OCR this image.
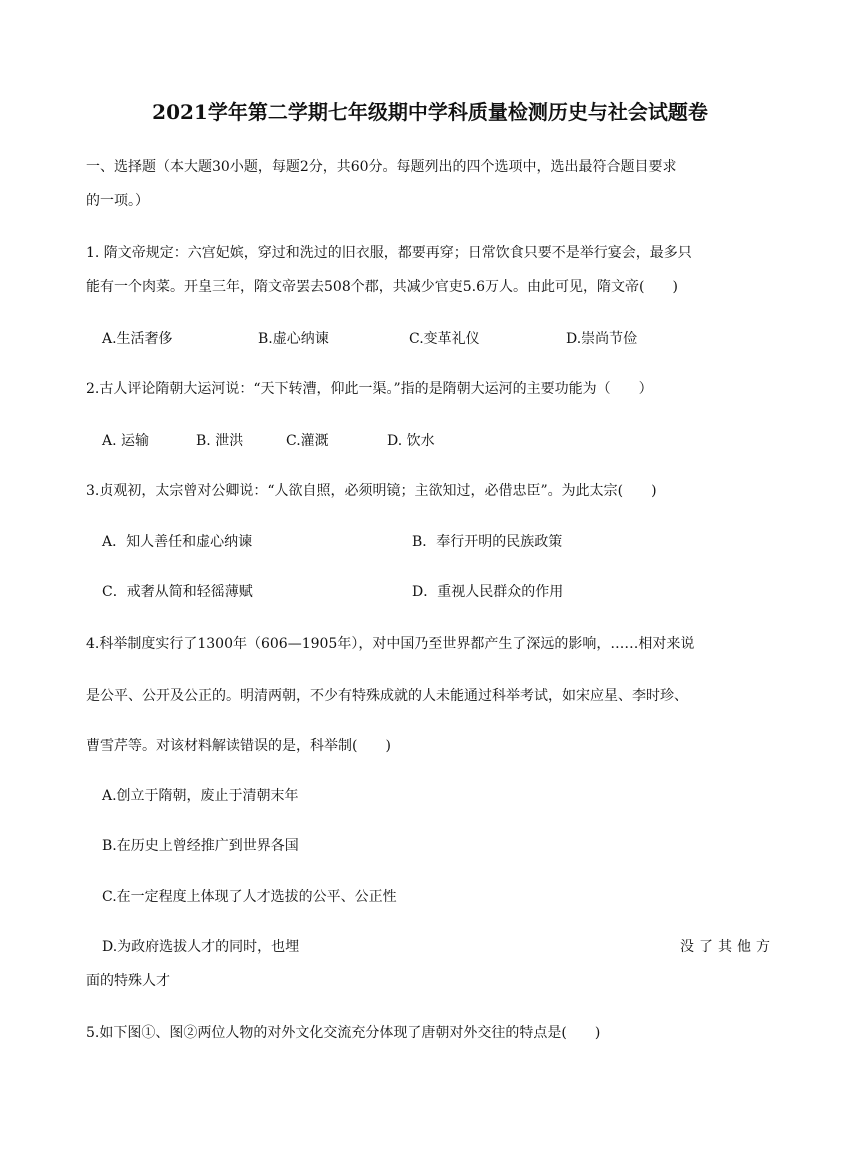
2021学年第二学期七年级期中学科质量检测历史与社会试题卷
一、选择题（本大题30小题，每题2分，共60分。每题列出的四个选项中，选出最符合题目要求
的一项。）
1. 隋文帝规定：六宫妃嫔，穿过和洗过的旧衣服，都要再穿；日常饮食只要不是举行宴会，最多只
能有一个肉菜。开皇三年，隋文帝罢去508个郡，共减少官吏5.6万人。由此可见，隋文帝(　　)
A.生活奢侈	B.虚心纳谏	C.变革礼仪	D.崇尚节俭
2.古人评论隋朝大运河说：“天下转漕，仰此一渠。”指的是隋朝大运河的主要功能为（　　）
A. 运输	B. 泄洪	C.灌溉	D. 饮水
3.贞观初，太宗曾对公卿说：“人欲自照，必须明镜；主欲知过，必借忠臣”。为此太宗(　　)
A．知人善任和虚心纳谏	B．奉行开明的民族政策
C．戒奢从简和轻徭薄赋	D．重视人民群众的作用
4.科举制度实行了1300年（606—1905年），对中国乃至世界都产生了深远的影响，……相对来说
是公平、公开及公正的。明清两朝，不少有特殊成就的人未能通过科举考试，如宋应星、李时珍、
曹雪芹等。对该材料解读错误的是，科举制(　　)
A.创立于隋朝，废止于清朝末年
B.在历史上曾经推广到世界各国
C.在一定程度上体现了人才选拔的公平、公正性
D.为政府选拔人才的同时，也埋	没了其他方
面的特殊人才
5.如下图①、图②两位人物的对外文化交流充分体现了唐朝对外交往的特点是(　　)
